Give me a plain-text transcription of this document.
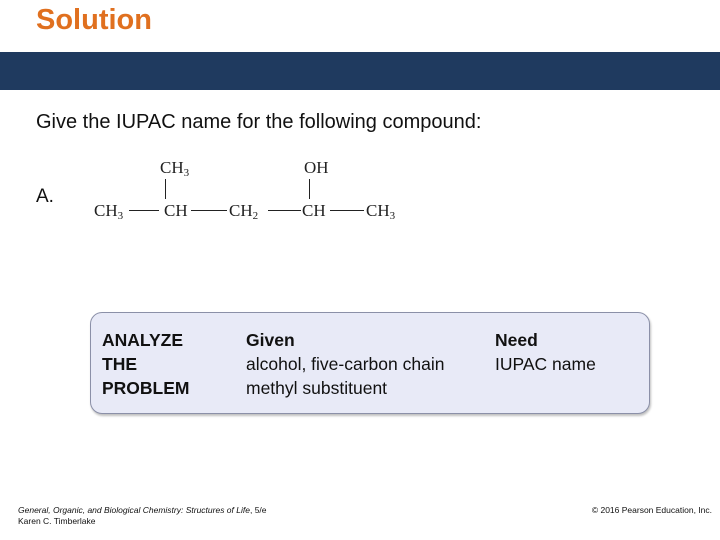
Solution
Give the IUPAC name for the following compound:
A.
$CH_3$	OH
$CH_3$ CH $CH_2$	CH $CH_3$
ANALYZE
THE
PROBLEM
Given
alcohol, five-carbon chain
methyl substituent
Need
IUPAC name
General, Organic, and Biological Chemistry: Structures of Life, 5/e
Karen C. Timberlake
© 2016 Pearson Education, Inc.
